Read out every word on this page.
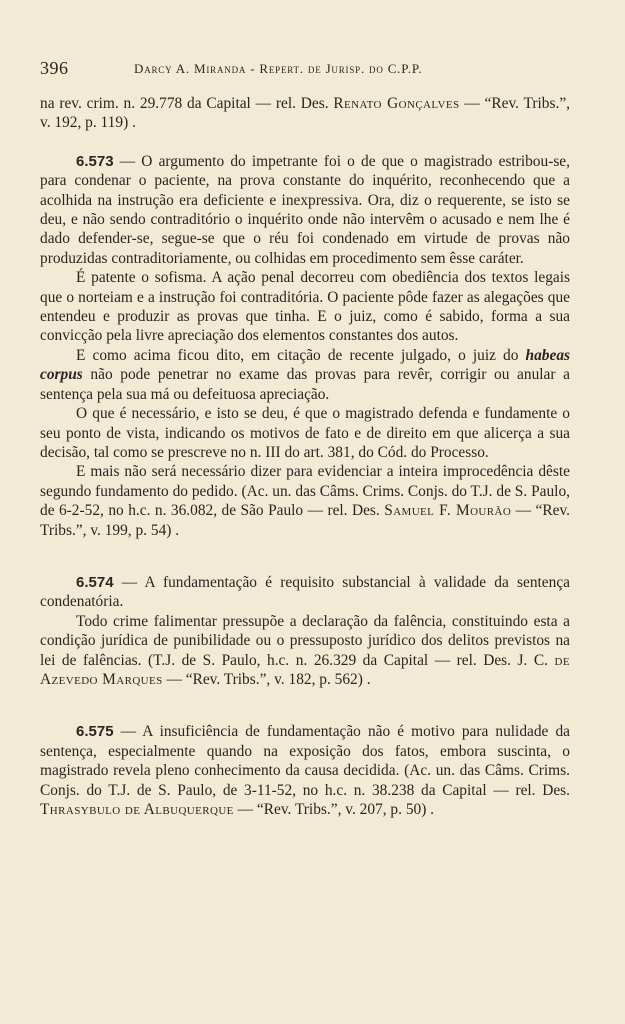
396	Darcy A. Miranda - Repert. de Jurisp. do C.P.P.

na rev. crim. n. 29.778 da Capital — rel. Des. Renato Gonçalves — “Rev. Tribs.”, v. 192, p. 119) .

6.573 — O argumento do impetrante foi o de que o magistrado estribou-se, para condenar o paciente, na prova constante do inquérito, reconhecendo que a acolhida na instrução era deficiente e inexpressiva. Ora, diz o requerente, se isto se deu, e não sendo contraditório o inquérito onde não intervêm o acusado e nem lhe é dado defender-se, segue-se que o réu foi condenado em virtude de provas não produzidas contraditoriamente, ou colhidas em procedimento sem êsse caráter.

É patente o sofisma. A ação penal decorreu com obediência dos textos legais que o norteiam e a instrução foi contraditória. O paciente pôde fazer as alegações que entendeu e produzir as provas que tinha. E o juiz, como é sabido, forma a sua convicção pela livre apreciação dos elementos constantes dos autos.

E como acima ficou dito, em citação de recente julgado, o juiz do habeas corpus não pode penetrar no exame das provas para revêr, corrigir ou anular a sentença pela sua má ou defeituosa apreciação.

O que é necessário, e isto se deu, é que o magistrado defenda e fundamente o seu ponto de vista, indicando os motivos de fato e de direito em que alicerça a sua decisão, tal como se prescreve no n. III do art. 381, do Cód. do Processo.

E mais não será necessário dizer para evidenciar a inteira improcedência dêste segundo fundamento do pedido. (Ac. un. das Câms. Crims. Conjs. do T.J. de S. Paulo, de 6-2-52, no h.c. n. 36.082, de São Paulo — rel. Des. Samuel F. Mourão — “Rev. Tribs.”, v. 199, p. 54) .

6.574 — A fundamentação é requisito substancial à validade da sentença condenatória.

Todo crime falimentar pressupõe a declaração da falência, constituindo esta a condição jurídica de punibilidade ou o pressuposto jurídico dos delitos previstos na lei de falências. (T.J. de S. Paulo, h.c. n. 26.329 da Capital — rel. Des. J. C. de Azevedo Marques — “Rev. Tribs.”, v. 182, p. 562) .

6.575 — A insuficiência de fundamentação não é motivo para nulidade da sentença, especialmente quando na exposição dos fatos, embora suscinta, o magistrado revela pleno conhecimento da causa decidida. (Ac. un. das Câms. Crims. Conjs. do T.J. de S. Paulo, de 3-11-52, no h.c. n. 38.238 da Capital — rel. Des. Thrasybulo de Albuquerque — “Rev. Tribs.”, v. 207, p. 50) .
